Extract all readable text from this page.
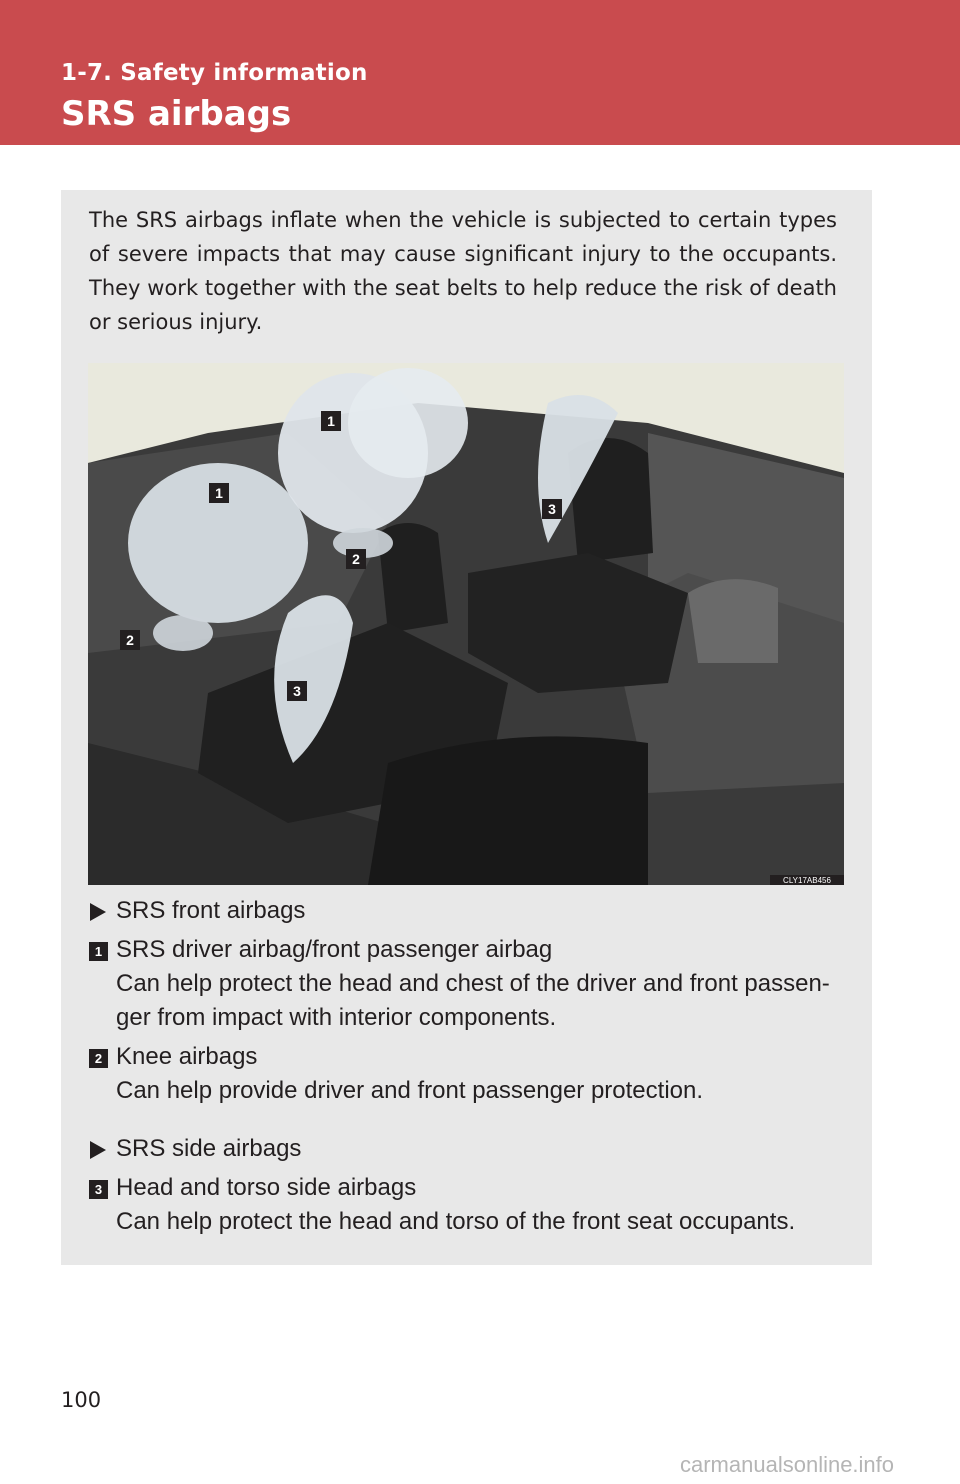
1-7. Safety information
SRS airbags
The SRS airbags inflate when the vehicle is subjected to certain types of severe impacts that may cause significant injury to the occupants. They work together with the seat belts to help reduce the risk of death or serious injury.
1
1
2
2
3
3
CLY17AB456
SRS front airbags
1 SRS driver airbag/front passenger airbag
Can help protect the head and chest of the driver and front passen-
ger from impact with interior components.
2 Knee airbags
Can help provide driver and front passenger protection.
SRS side airbags
3 Head and torso side airbags
Can help protect the head and torso of the front seat occupants.
100
carmanualsonline.info
